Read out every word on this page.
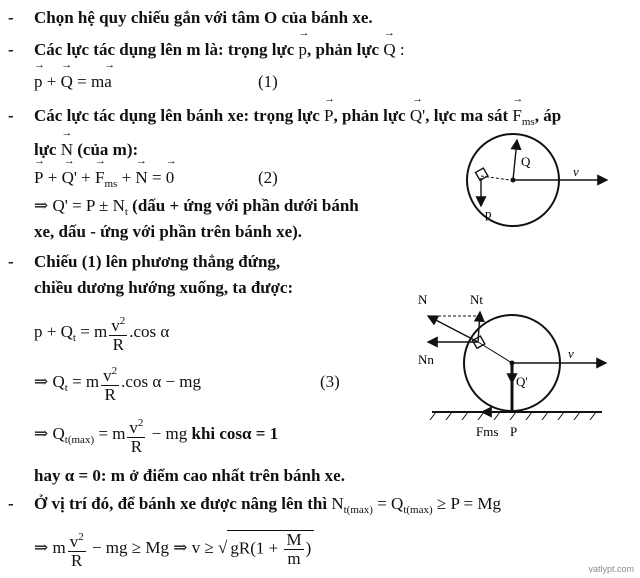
- Chọn hệ quy chiếu gắn với tâm O của bánh xe.
- Các lực tác dụng lên m là: trọng lực → p, phản lực → Q :
→ p + → Q = m→ a	(1)
- Các lực tác dụng lên bánh xe: trọng lực → P, phản lực → Q', lực ma sát → $F_{ms}$, áp
lực → N (của m):
→ P + → Q' + → $F_{ms}$ + → N = → 0	(2)
⇒ $Q' = P \pm N_t$ (dấu + ứng với phần dưới bánh
xe, dấu - ứng với phần trên bánh xe).
- Chiếu (1) lên phương thẳng đứng,
chiều dương hướng xuống, ta được:
$p + Q_t = m \frac{v^2}{R} .\cos$ α
⇒ $Q_t = m \frac{v^2}{R} .\cos$ α − mg	(3)
⇒ $Q_{t(max)} = m \frac{v^2}{R}$ − mg khi cosα = 1
hay α = 0: m ở điểm cao nhất trên bánh xe.
- Ở vị trí đó, để bánh xe được nâng lên thì $N_{t(max)} = Q_{t(max)} \ge P = Mg$
⇒ m $\frac{v^2}{R}$ − mg ≥ Mg ⇒ v ≥ √ $gR(1 + \frac{M}{m}$ )
Q
p
v
N	Nt
Nn	v
Q'
Fms P
vatlypt.com
